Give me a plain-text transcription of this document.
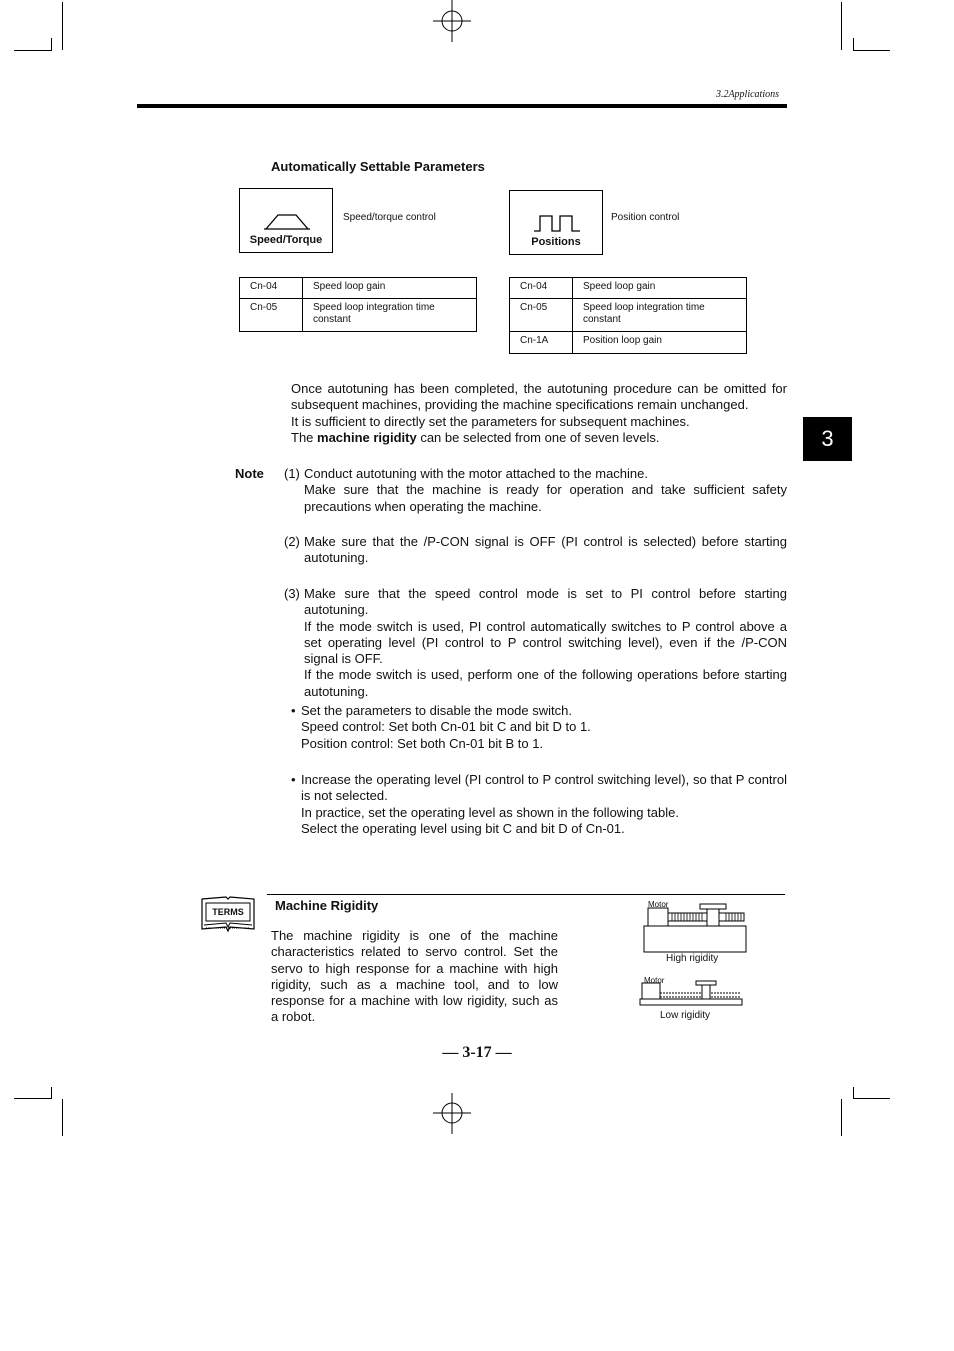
3.2Applications
3
Automatically Settable Parameters
Speed/Torque
Speed/torque control
Positions
Position control
Cn-04	Speed loop gain
Cn-05	Speed loop integration time constant
Cn-04	Speed loop gain
Cn-05	Speed loop integration time constant
Cn-1A	Position loop gain
Once autotuning has been completed, the autotuning procedure can be omitted for subsequent machines, providing the machine specifications remain unchanged.
It is sufficient to directly set the parameters for subsequent machines.
The machine rigidity can be selected from one of seven levels.
Note (1) Conduct autotuning with the motor attached to the machine.
Make sure that the machine is ready for operation and take sufficient safety precautions when operating the machine.
(2) Make sure that the /P-CON signal is OFF (PI control is selected) before starting autotuning.
(3) Make sure that the speed control mode is set to PI control before starting autotuning.
If the mode switch is used, PI control automatically switches to P control above a set operating level (PI control to P control switching level), even if the /P-CON signal is OFF.
If the mode switch is used, perform one of the following operations before starting autotuning.
• Set the parameters to disable the mode switch.
Speed control: Set both Cn-01 bit C and bit D to 1.
Position control: Set both Cn-01 bit B to 1.
• Increase the operating level (PI control to P control switching level), so that P control is not selected.
In practice, set the operating level as shown in the following table.
Select the operating level using bit C and bit D of Cn-01.
TERMS	Machine Rigidity
The machine rigidity is one of the machine characteristics related to servo control. Set the servo to high response for a machine with high rigidity, such as a machine tool, and to low response for a machine with low rigidity, such as a robot.
Motor
High rigidity
Motor
Low rigidity
— 3-17 —
